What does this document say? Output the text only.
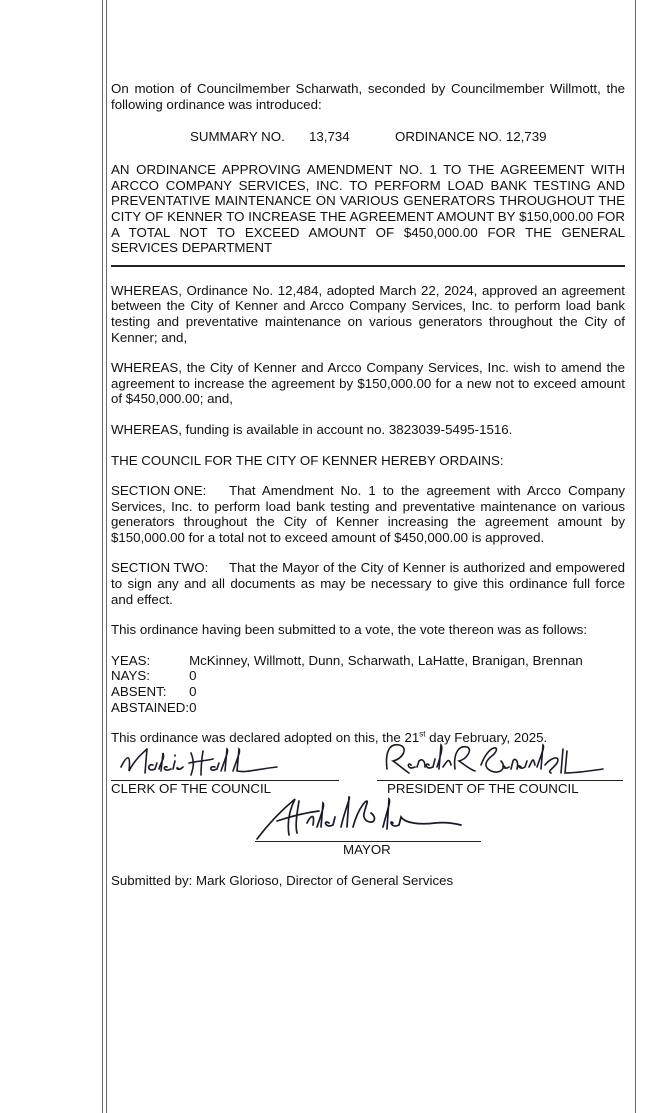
On motion of Councilmember Scharwath, seconded by Councilmember Willmott, the following ordinance was introduced:

SUMMARY NO. 13,734	ORDINANCE NO. 12,739

AN ORDINANCE APPROVING AMENDMENT NO. 1 TO THE AGREEMENT WITH ARCCO COMPANY SERVICES, INC. TO PERFORM LOAD BANK TESTING AND PREVENTATIVE MAINTENANCE ON VARIOUS GENERATORS THROUGHOUT THE CITY OF KENNER TO INCREASE THE AGREEMENT AMOUNT BY $150,000.00 FOR A TOTAL NOT TO EXCEED AMOUNT OF $450,000.00 FOR THE GENERAL SERVICES DEPARTMENT

WHEREAS, Ordinance No. 12,484, adopted March 22, 2024, approved an agreement between the City of Kenner and Arcco Company Services, Inc. to perform load bank testing and preventative maintenance on various generators throughout the City of Kenner; and,

WHEREAS, the City of Kenner and Arcco Company Services, Inc. wish to amend the agreement to increase the agreement by $150,000.00 for a new not to exceed amount of $450,000.00; and,

WHEREAS, funding is available in account no. 3823039-5495-1516.

THE COUNCIL FOR THE CITY OF KENNER HEREBY ORDAINS:

SECTION ONE: That Amendment No. 1 to the agreement with Arcco Company Services, Inc. to perform load bank testing and preventative maintenance on various generators throughout the City of Kenner increasing the agreement amount by $150,000.00 for a total not to exceed amount of $450,000.00 is approved.

SECTION TWO: That the Mayor of the City of Kenner is authorized and empowered to sign any and all documents as may be necessary to give this ordinance full force and effect.

This ordinance having been submitted to a vote, the vote thereon was as follows:

YEAS:	McKinney, Willmott, Dunn, Scharwath, LaHatte, Branigan, Brennan
NAYS:	0
ABSENT:	0
ABSTAINED:	0

This ordinance was declared adopted on this, the 21st day February, 2025.

Natalie Hall
CLERK OF THE COUNCIL
Ronald R. Scharwath
PRESIDENT OF THE COUNCIL
Michael Glaser	MAYOR
Submitted by: Mark Glorioso, Director of General Services
